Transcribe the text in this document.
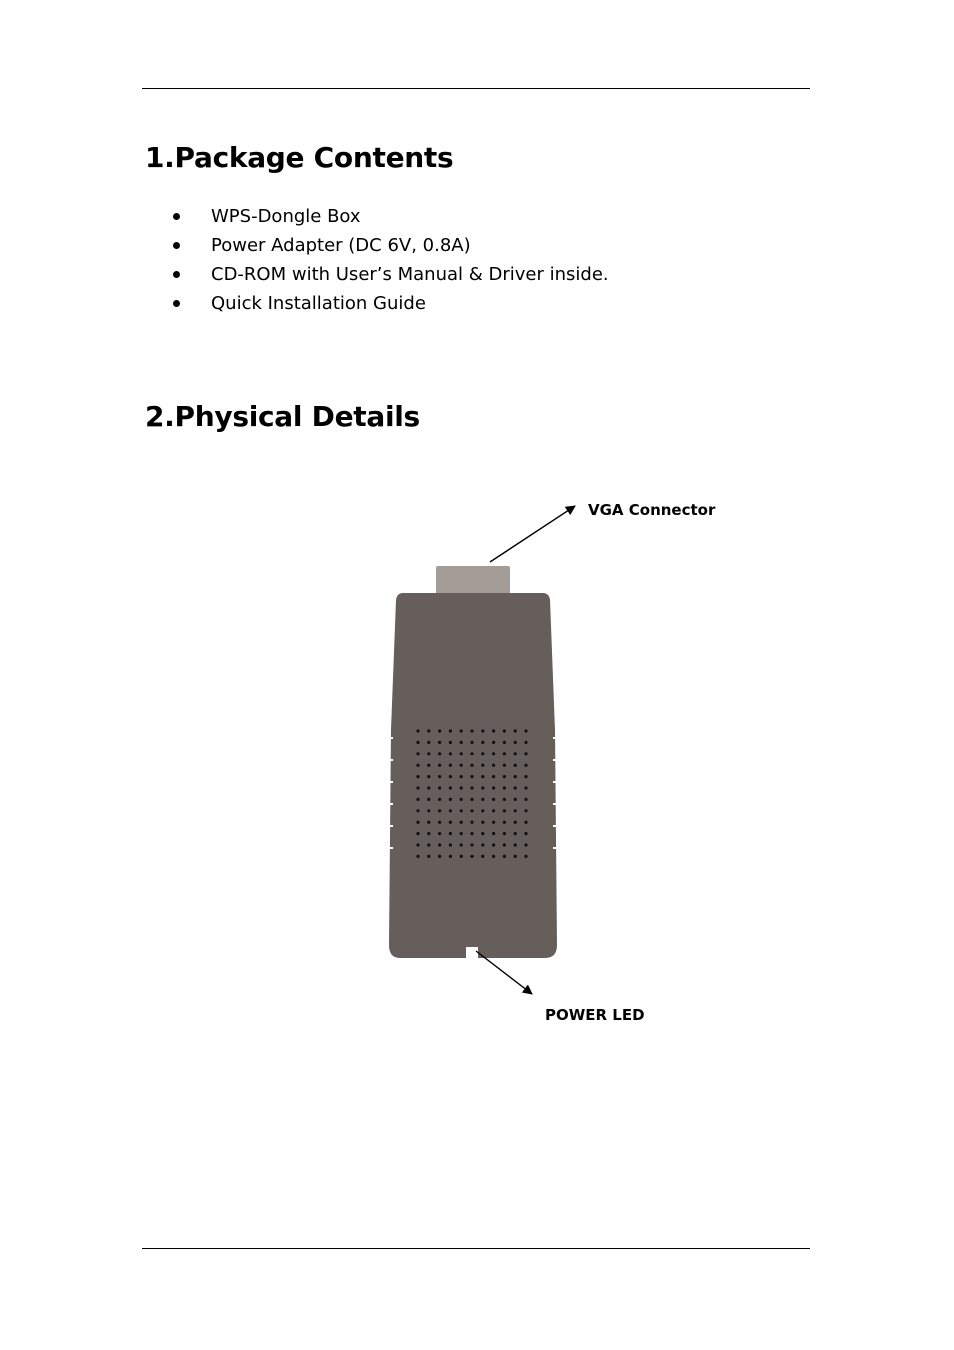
1.Package Contents
WPS-Dongle Box
Power Adapter (DC 6V, 0.8A)
CD-ROM with User’s Manual & Driver inside.
Quick Installation Guide
2.Physical Details
VGA Connector
POWER LED
